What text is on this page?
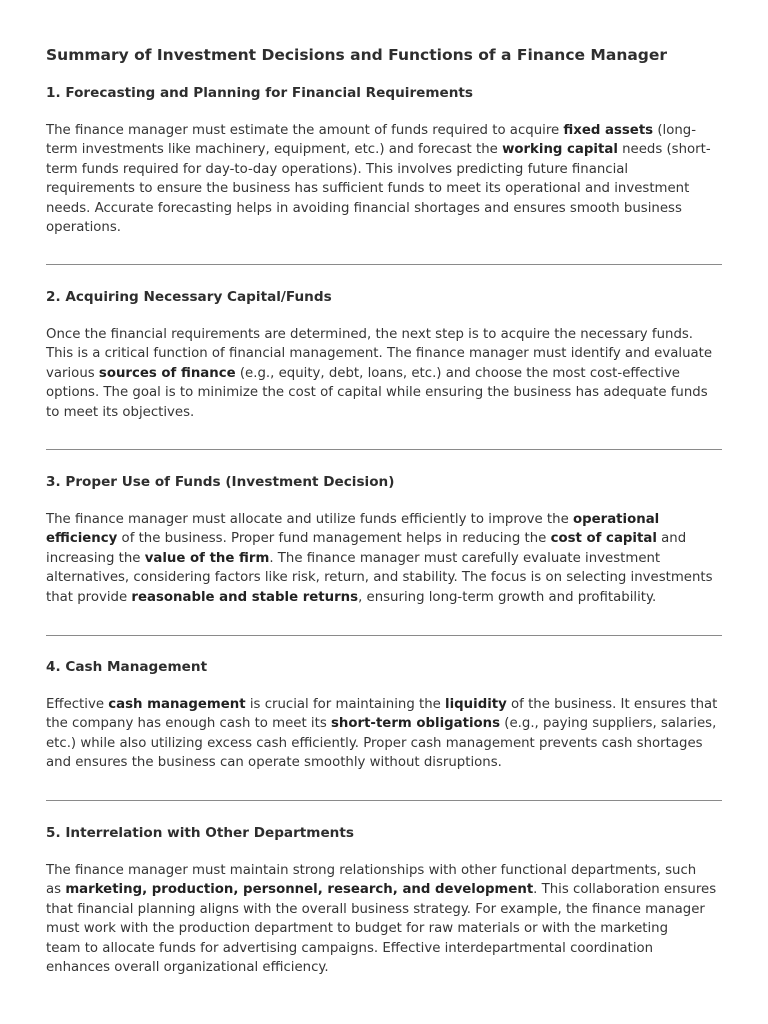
Summary of Investment Decisions and Functions of a Finance Manager
1. Forecasting and Planning for Financial Requirements

The finance manager must estimate the amount of funds required to acquire fixed assets (long-
term investments like machinery, equipment, etc.) and forecast the working capital needs (short-
term funds required for day-to-day operations). This involves predicting future financial
requirements to ensure the business has sufficient funds to meet its operational and investment
needs. Accurate forecasting helps in avoiding financial shortages and ensures smooth business
operations.

2. Acquiring Necessary Capital/Funds

Once the financial requirements are determined, the next step is to acquire the necessary funds.
This is a critical function of financial management. The finance manager must identify and evaluate
various sources of finance (e.g., equity, debt, loans, etc.) and choose the most cost-effective
options. The goal is to minimize the cost of capital while ensuring the business has adequate funds
to meet its objectives.

3. Proper Use of Funds (Investment Decision)

The finance manager must allocate and utilize funds efficiently to improve the operational
efficiency of the business. Proper fund management helps in reducing the cost of capital and
increasing the value of the firm. The finance manager must carefully evaluate investment
alternatives, considering factors like risk, return, and stability. The focus is on selecting investments
that provide reasonable and stable returns, ensuring long-term growth and profitability.

4. Cash Management

Effective cash management is crucial for maintaining the liquidity of the business. It ensures that
the company has enough cash to meet its short-term obligations (e.g., paying suppliers, salaries,
etc.) while also utilizing excess cash efficiently. Proper cash management prevents cash shortages
and ensures the business can operate smoothly without disruptions.

5. Interrelation with Other Departments

The finance manager must maintain strong relationships with other functional departments, such
as marketing, production, personnel, research, and development. This collaboration ensures
that financial planning aligns with the overall business strategy. For example, the finance manager
must work with the production department to budget for raw materials or with the marketing
team to allocate funds for advertising campaigns. Effective interdepartmental coordination
enhances overall organizational efficiency.
